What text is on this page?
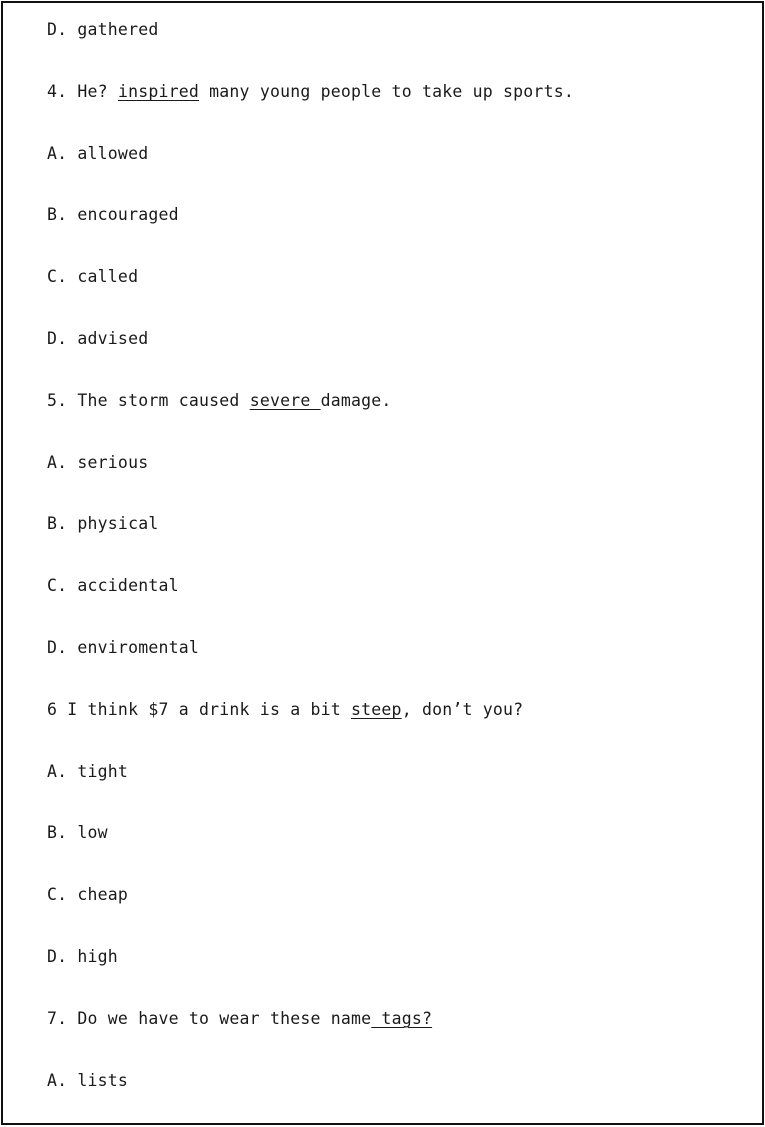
D. gathered
4. He? inspired many young people to take up sports.
A. allowed
B. encouraged
C. called
D. advised
5. The storm caused severe damage.
A. serious
B. physical
C. accidental
D. enviromental
6 I think $7 a drink is a bit steep, don’t you?
A. tight
B. low
C. cheap
D. high
7. Do we have to wear these name tags?
A. lists
